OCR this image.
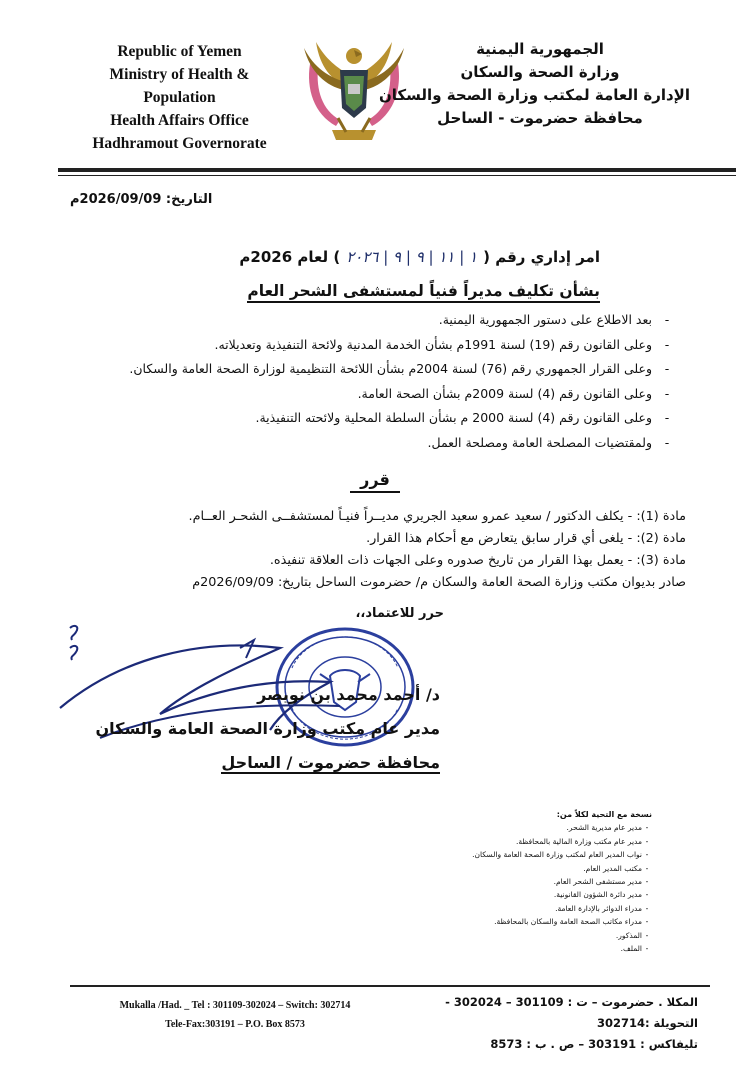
Republic of Yemen
Ministry of Health &
Population
Health Affairs Office
Hadhramout Governorate
الجمهورية اليمنية
وزارة الصحة والسكان
الإدارة العامة لمكتب وزارة الصحة والسكان
محافظة حضرموت - الساحل
التاريخ: 2026/09/09م
امر إداري رقم (١ | ١١ | ٩ | ٩ | ٢٠٢٦) لعام 2026م
بشأن تكليف مديراً فنياً لمستشفى الشحر العام
-بعد الاطلاع على دستور الجمهورية اليمنية.
-وعلى القانون رقم (19) لسنة 1991م بشأن الخدمة المدنية ولائحة التنفيذية وتعديلاته.
-وعلى القرار الجمهوري رقم (76) لسنة 2004م بشأن اللائحة التنظيمية لوزارة الصحة العامة والسكان.
-وعلى القانون رقم (4) لسنة 2009م بشأن الصحة العامة.
-وعلى القانون رقم (4) لسنة 2000 م بشأن السلطة المحلية ولائحته التنفيذية.
-ولمقتضيات المصلحة العامة ومصلحة العمل.
قرر
مادة (1): - يكلف الدكتور / سعيد عمرو سعيد الجريري مديــراً فنيـاً لمستشفــى الشحـر العــام.
مادة (2): - يلغى أي قرار سابق يتعارض مع أحكام هذا القرار.
مادة (3): - يعمل بهذا القرار من تاريخ صدوره وعلى الجهات ذات العلاقة تنفيذه.
صادر بديوان مكتب وزارة الصحة العامة والسكان م/ حضرموت الساحل بتاريخ: 2026/09/09م
حرر للاعتماد،،
د/ أحمد محمد بن نويصر
مدير عام مكتب وزارة الصحة العامة والسكان
محافظة حضرموت / الساحل
نسخة مع التحية لكلاً من:
-مدير عام مديرية الشحر.
-مدير عام مكتب وزارة المالية بالمحافظة.
-نواب المدير العام لمكتب وزارة الصحة العامة والسكان.
-مكتب المدير العام.
-مدير مستشفى الشحر العام.
-مدير دائرة الشؤون القانونية.
-مدراء الدوائر بالإدارة العامة.
-مدراء مكاتب الصحة العامة والسكان بالمحافظة.
-المذكور.
-الملف.
Mukalla /Had. _ Tel : 301109-302024 – Switch: 302714
Tele-Fax:303191 – P.O. Box 8573
المكلا . حضرموت – ت : 301109 – 302024 -
التحويلة :302714
تليفاكس : 303191 – ص . ب : 8573
